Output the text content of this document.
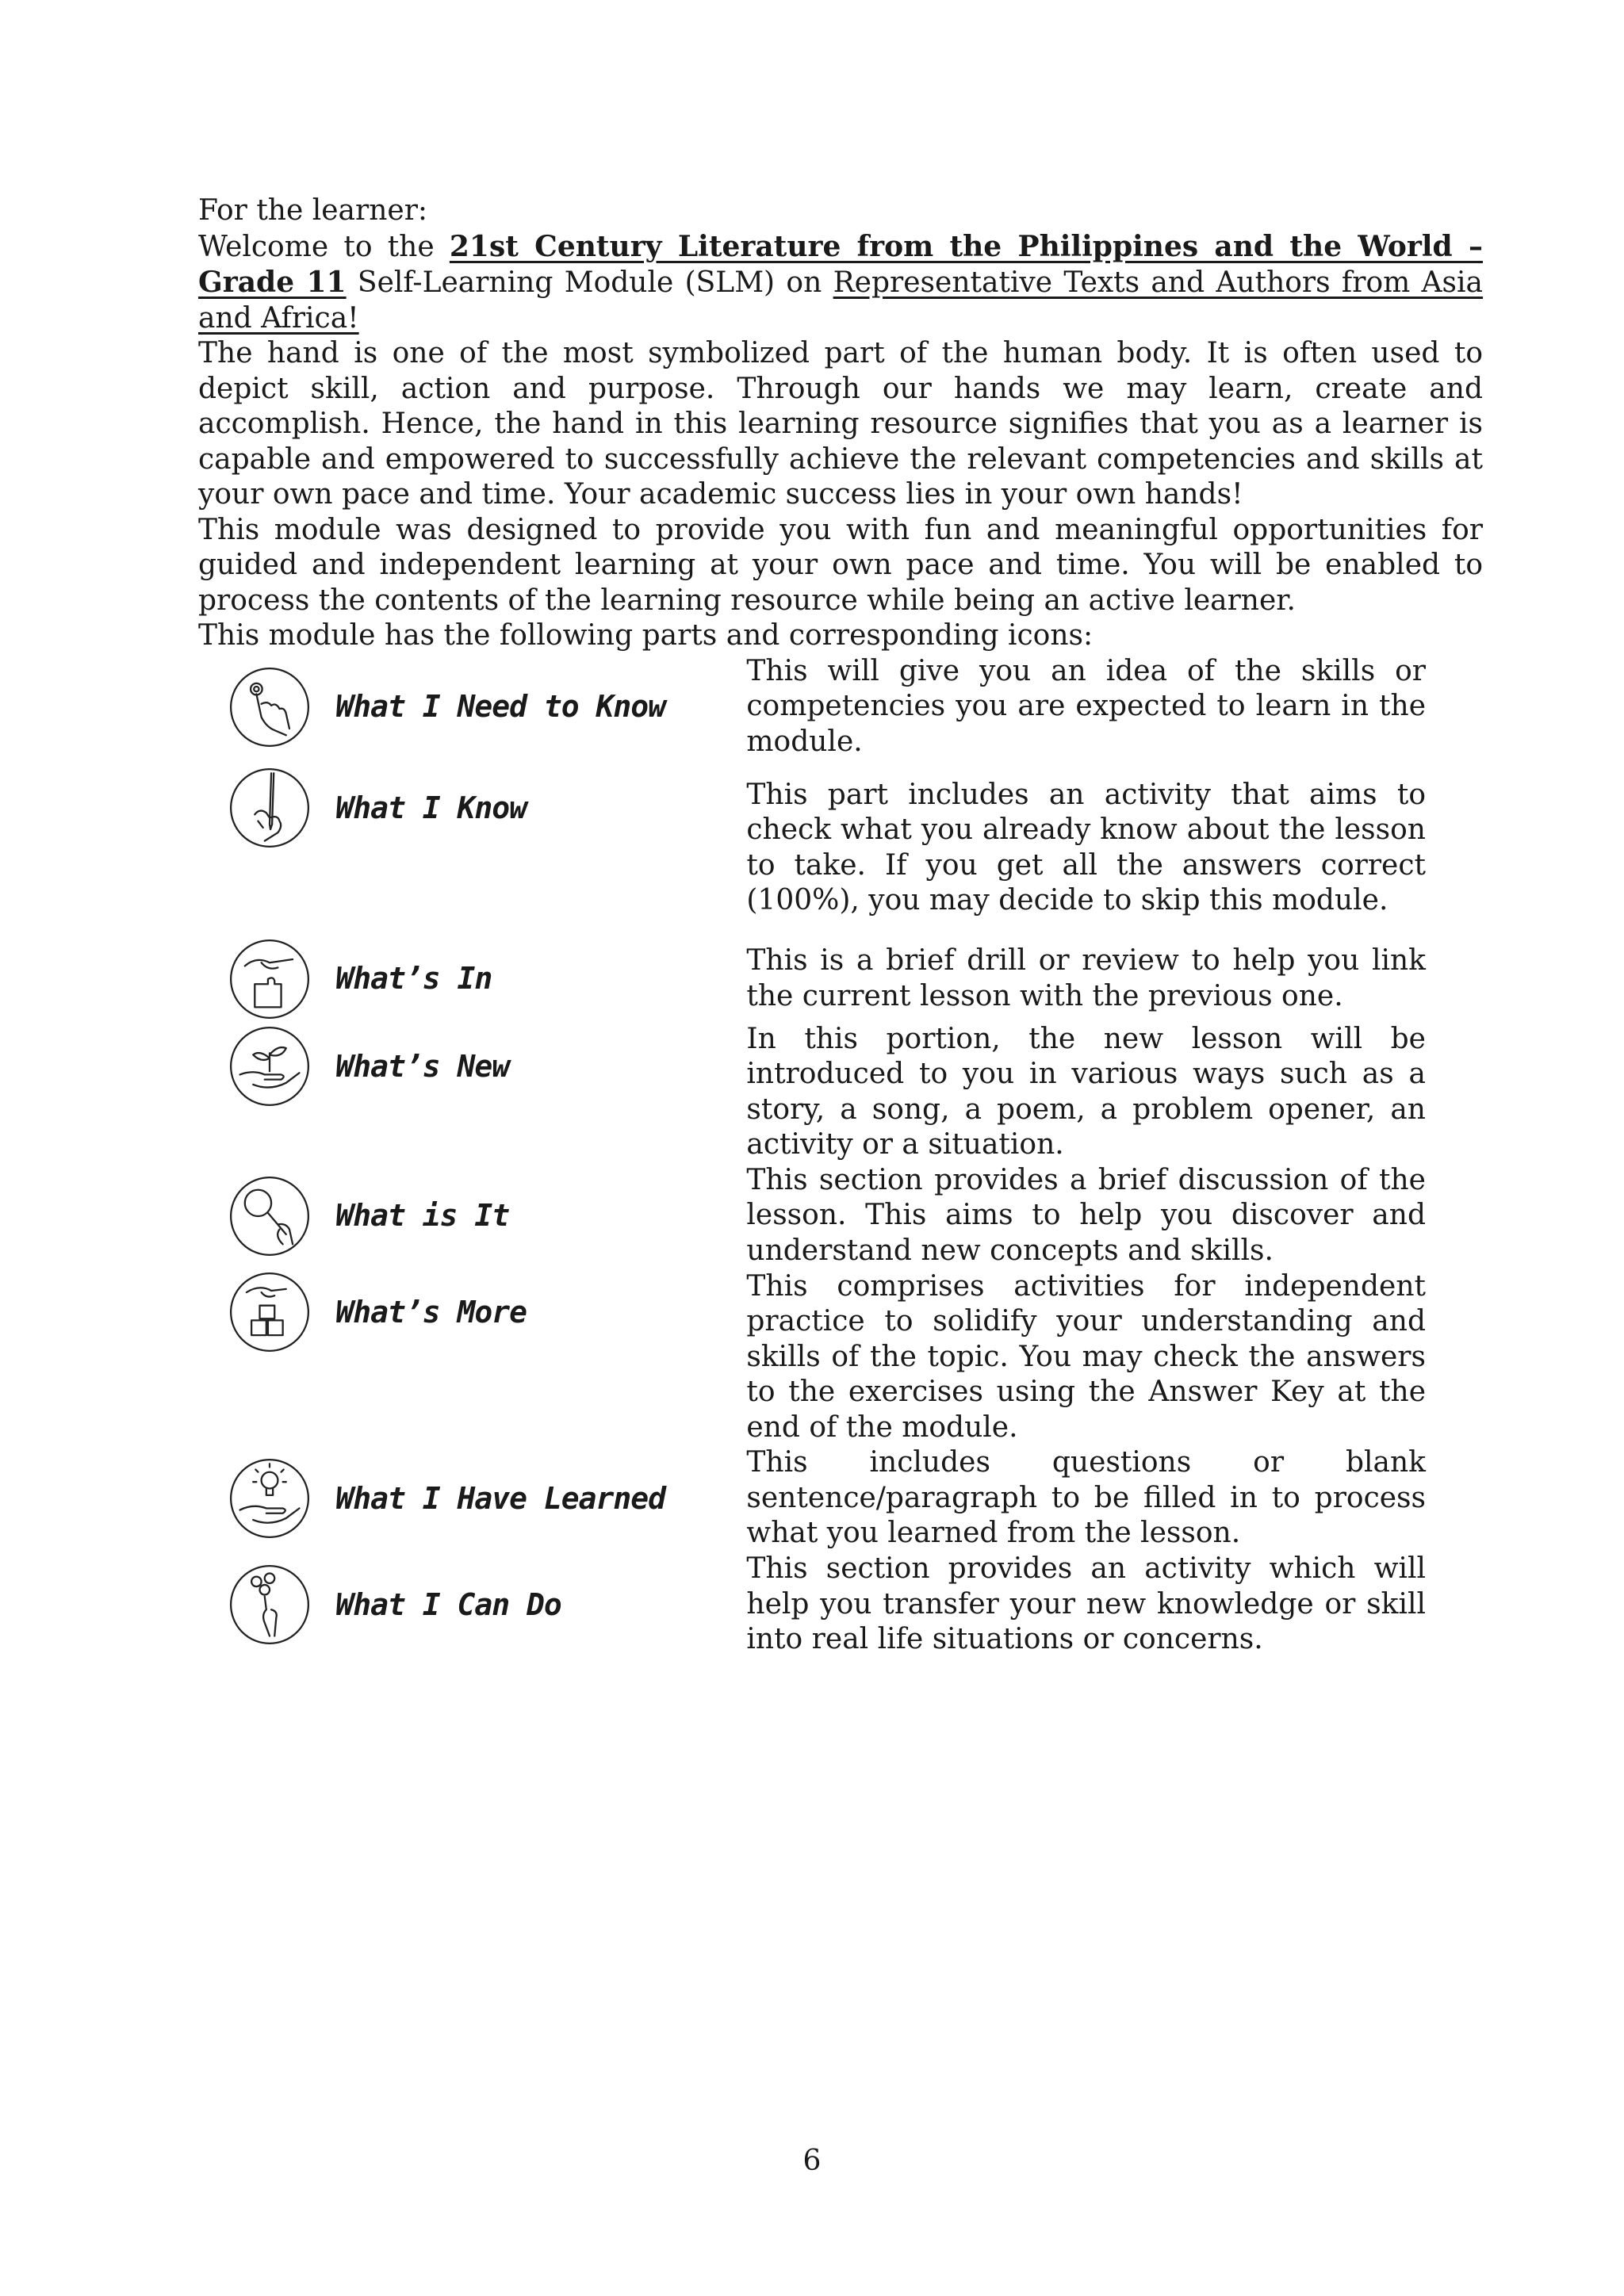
For the learner:

Welcome to the 21st Century Literature from the Philippines and the World – Grade 11 Self-Learning Module (SLM) on Representative Texts and Authors from Asia and Africa!

The hand is one of the most symbolized part of the human body. It is often used to depict skill, action and purpose. Through our hands we may learn, create and accomplish. Hence, the hand in this learning resource signifies that you as a learner is capable and empowered to successfully achieve the relevant competencies and skills at your own pace and time. Your academic success lies in your own hands!

This module was designed to provide you with fun and meaningful opportunities for guided and independent learning at your own pace and time. You will be enabled to process the contents of the learning resource while being an active learner.

This module has the following parts and corresponding icons:

	What I Need to Know	This will give you an idea of the skills or competencies you are expected to learn in the module.

	What I Know	This part includes an activity that aims to check what you already know about the lesson to take. If you get all the answers correct (100%), you may decide to skip this module.

	What’s In	This is a brief drill or review to help you link the current lesson with the previous one.

	What’s New	In this portion, the new lesson will be introduced to you in various ways such as a story, a song, a poem, a problem opener, an activity or a situation.

	What is It	This section provides a brief discussion of the lesson. This aims to help you discover and understand new concepts and skills.

	What’s More	This comprises activities for independent practice to solidify your understanding and skills of the topic. You may check the answers to the exercises using the Answer Key at the end of the module.

	What I Have Learned	This includes questions or blank sentence/paragraph to be filled in to process what you learned from the lesson.

	What I Can Do	This section provides an activity which will help you transfer your new knowledge or skill into real life situations or concerns.
6
